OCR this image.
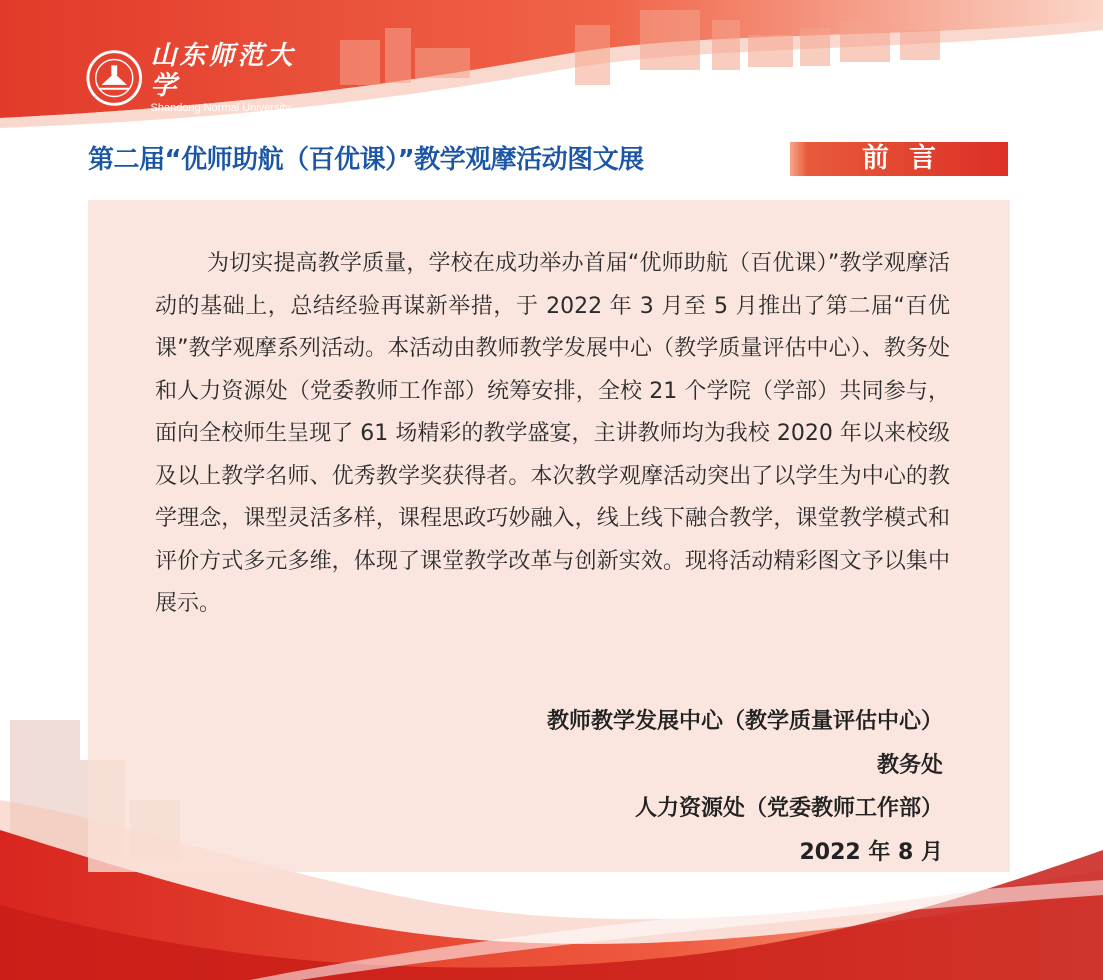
山东师范大学
Shandong Normal University
第二届“优师助航（百优课）”教学观摩活动图文展	前言
为切实提高教学质量，学校在成功举办首届“优师助航（百优课）”教学观摩活动的基础上，总结经验再谋新举措，于 2022 年 3 月至 5 月推出了第二届“百优课”教学观摩系列活动。本活动由教师教学发展中心（教学质量评估中心）、教务处和人力资源处（党委教师工作部）统筹安排，全校 21 个学院（学部）共同参与，面向全校师生呈现了 61 场精彩的教学盛宴，主讲教师均为我校 2020 年以来校级及以上教学名师、优秀教学奖获得者。本次教学观摩活动突出了以学生为中心的教学理念，课型灵活多样，课程思政巧妙融入，线上线下融合教学，课堂教学模式和评价方式多元多维，体现了课堂教学改革与创新实效。现将活动精彩图文予以集中展示。
教师教学发展中心（教学质量评估中心）
教务处
人力资源处（党委教师工作部）
2022 年 8 月
